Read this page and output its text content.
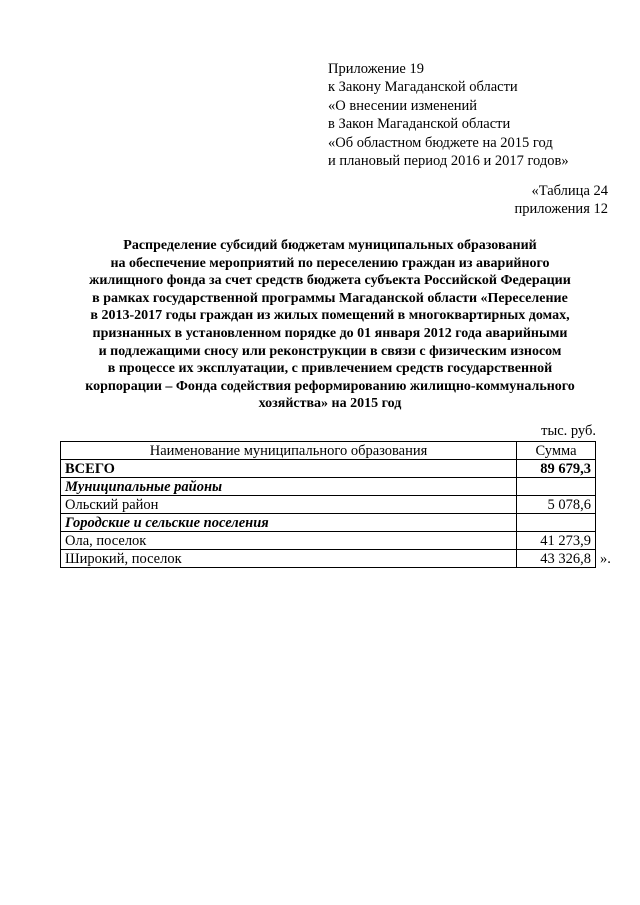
Приложение 19
к Закону Магаданской области
«О внесении изменений
в Закон Магаданской области
«Об областном бюджете на 2015 год
и плановый период 2016 и 2017 годов»
«Таблица 24
приложения 12
Распределение субсидий бюджетам муниципальных образований
на обеспечение мероприятий по переселению граждан из аварийного
жилищного фонда за счет средств бюджета субъекта Российской Федерации
в рамках государственной программы Магаданской области «Переселение
в 2013-2017 годы граждан из жилых помещений в многоквартирных домах,
признанных в установленном порядке до 01 января 2012 года аварийными
и подлежащими сносу или реконструкции в связи с физическим износом
в процессе их эксплуатации, с привлечением средств государственной
корпорации – Фонда содействия реформированию жилищно-коммунального
хозяйства» на 2015 год
тыс. руб.
Наименование муниципального образования	Сумма
ВСЕГО	89 679,3
Муниципальные районы	
Ольский район	5 078,6
Городские и сельские поселения	
Ола, поселок	41 273,9
Широкий, поселок	43 326,8 ».
